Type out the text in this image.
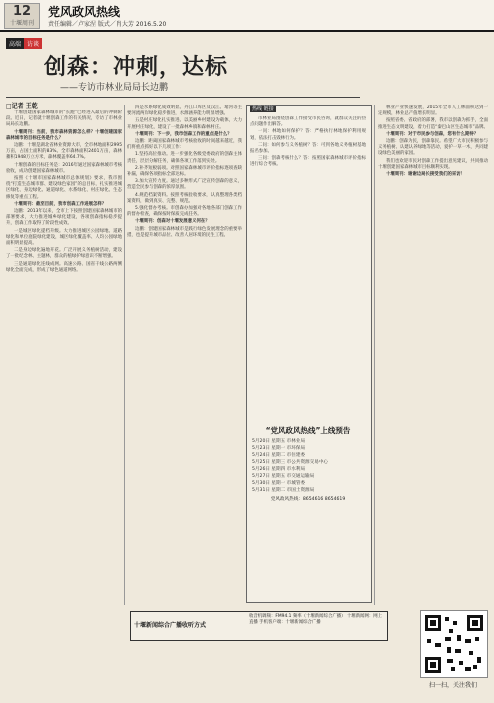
12
十堰周刊
党风政风热线
责任编辑／卢家涅 版式／肖大芳 2016.5.20
高端 访谈
创森：冲刺，达标
——专访市林业局局长边鹏
□记者 王乾

十堰创建国家森林城市的“长跑”已经进入最后的冲刺阶段。近日，记者就十堰创森工作的有关情况，专访了市林业局局长边鹏。

十堰周刊：当前，我市森林资源怎么样？十堰创建国家森林城市的目标任务是什么？

边鹏：十堰是湖北省林业资源大市，全市林地面积2995万亩，占国土面积的83%。全市森林面积2401万亩，森林蓄积1948万立方米，森林覆盖率64.7%。

十堰创森的目标任务是：2016年通过国家森林城市考核验收，成功创建国家森林城市。

按照《十堰市国家森林城市总体规划》要求，我市围绕“打造生态城市群、建设绿色家园”的总目标，扎实推进城区绿化、身边绿化、通道绿化、水系绿化、村庄绿化、生态修复等重点工程。

十堰周刊：截至目前，我市创森工作进展怎样？

边鹏：2013年以来，全市上下按照创建国家森林城市的部署要求，大力推进城乡绿化建设，各项创森指标稳步提升，创森工作取得了阶段性成效。

一是城区绿化提档升级。大力推进城区公园绿地、道路绿化和单位庭院绿化建设，城区绿化覆盖率、人均公园绿地面积明显提高。

二是身边绿化遍地开花。广泛开展义务植树活动，建设了一批纪念林、主题林，群众的植绿护绿意识不断增强。

三是通道绿化连线成网。高速公路、国省干线公路两侧绿化全面完成，形成了绿色通道网络。

四是水系绿化成效明显。丹江口库区及汉江、堵河等主要河流两岸绿化稳步推进，水源涵养能力明显增强。

五是村庄绿化扎实推进。以美丽乡村建设为载体，大力开展村庄绿化，建设了一批森林乡镇和森林村庄。

十堰周刊：下一步，我市创森工作的重点是什么？

边鹏：距离国家森林城市考核验收的时间越来越近，我们将重点抓好以下几项工作：

1.坚持高位推动。进一步强化各级党委政府的创森主体责任，层层分解任务，确保各项工作落到实处。

2.补齐短板弱项。对照国家森林城市评价指标逐项查缺补漏，确保各项指标全部达标。

3.加大宣传力度。通过多种形式广泛宣传创森的意义，营造全民参与创森的浓厚氛围。

4.规范档案资料。按照考核验收要求，认真整理各类档案资料，做到真实、完整、规范。

5.强化督办考核。市创森办加强对各地各部门创森工作的督办检查，确保按时保质完成任务。

十堰周刊：创森对十堰发展意义何在？

边鹏：创建国家森林城市是践行绿色发展理念的重要举措，也是提升城市品位、改善人居环境的民生工程。

热线 链接

市林业局围绕创森工作接受市民咨询，就群众关注的热点问题作出解答。

一问：林地如何保护？答：严格执行林地保护利用规划，依法打击毁林行为。

二问：如何参与义务植树？答：可到各地义务植树基地报名参加。

三问：创森考核什么？答：按照国家森林城市评价指标进行综合考核。

“党风政风热线”上线预告
5月20日 星期五 市林业局
5月23日 星期一 市环保局
5月24日 星期二 市住建委
5月25日 星期三 市公共资源交易中心
5月26日 星期四 市水利局
5月27日 星期五 市交通运输局
5月30日 星期一 市城管委
5月31日 星期二 市国土资源局
党风政风热线：8654616 8654619

林业产业快速发展，2015年全市人工林面积达到一定规模，林业总产值增长明显。

按照省委、省政府的部署，我市以创森为抓手，全面推进生态文明建设，着力打造“秦巴山区生态城市”品牌。

十堰周刊：对于市民参与创森，您有什么期待？

边鹏：创森为民，创森靠民。希望广大市民积极参与义务植树、认建认养绿地等活动，爱护一草一木，共同建设绿色美丽的家园。

我们也欢迎市民对创森工作提出意见建议，共同推动十堰创建国家森林城市目标顺利实现。

十堰周刊：谢谢边局长接受我们的采访！

十堰新闻综合广播收听方式
收音机调频：FM94.1 频率（十堰新闻综合广播） 十堰新闻网：网上直播 手机客户端：十堰新闻综合广播
扫一扫，关注我们
